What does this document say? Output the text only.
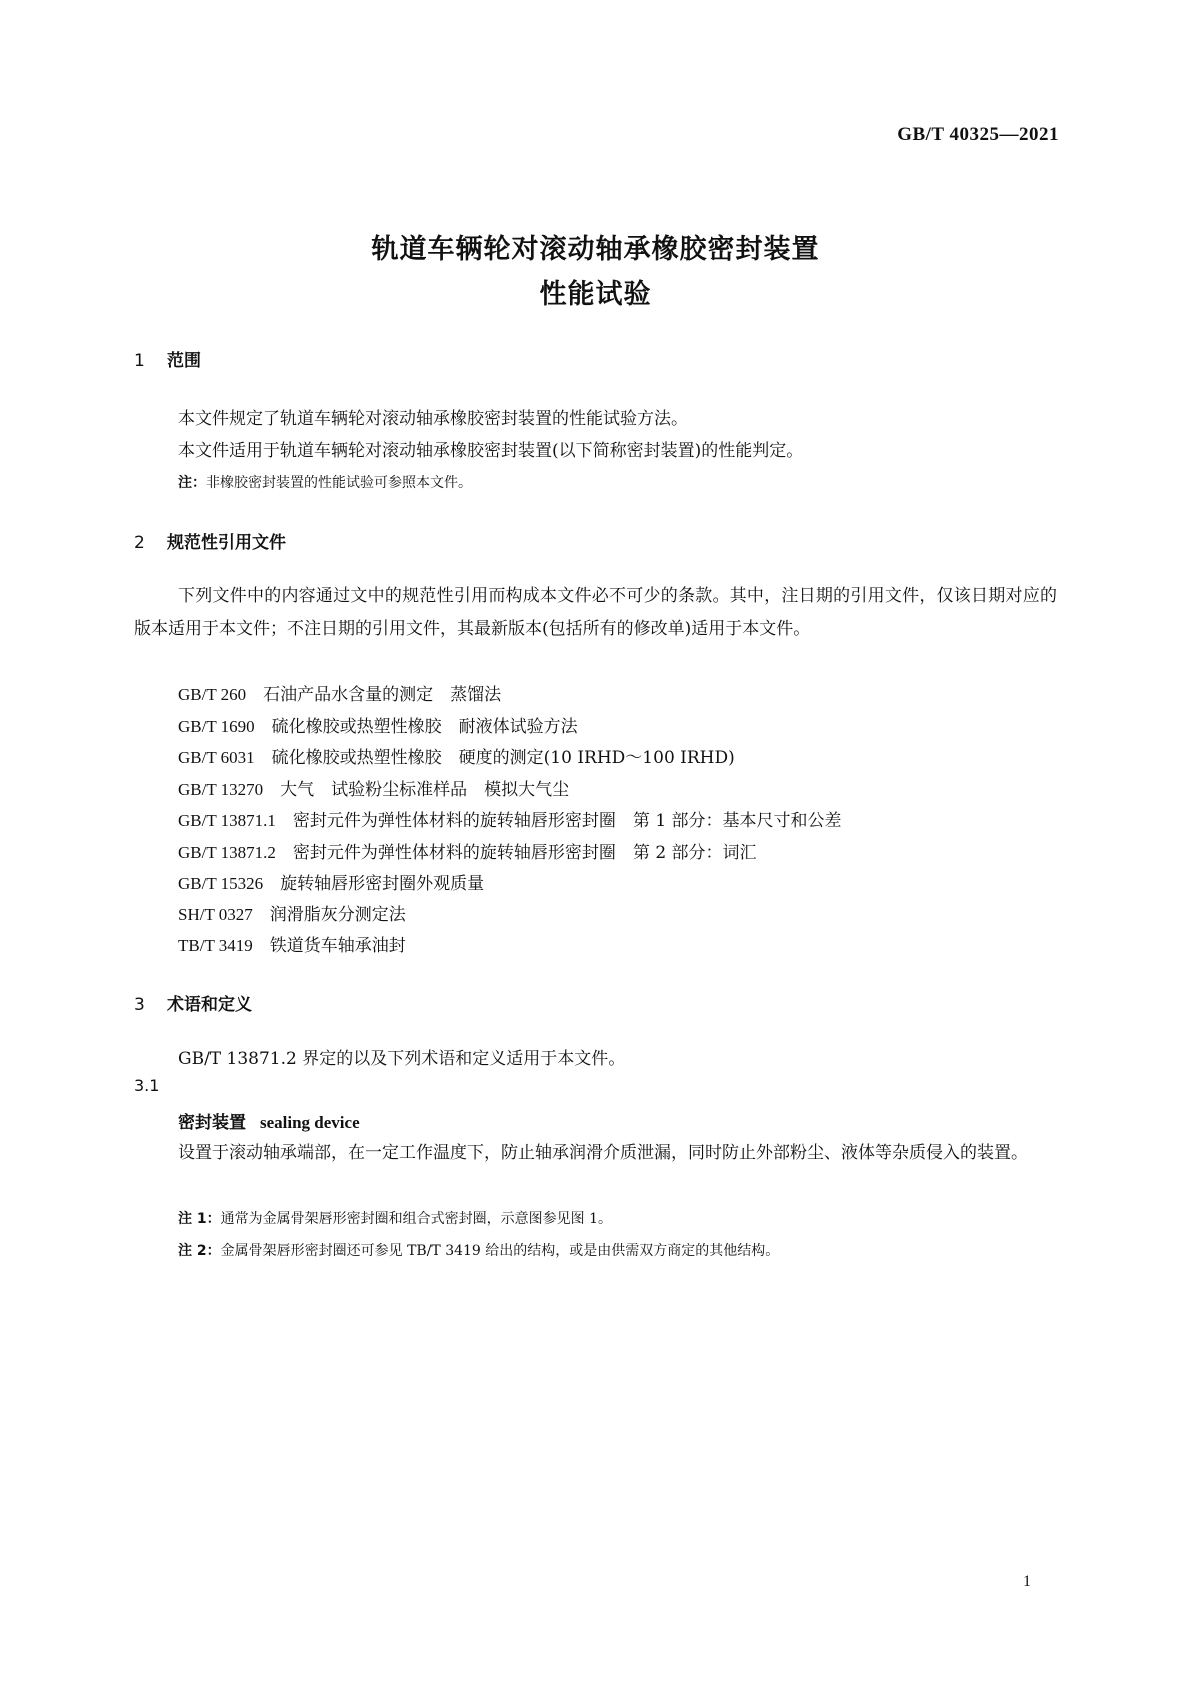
GB/T 40325—2021
轨道车辆轮对滚动轴承橡胶密封装置
性能试验
1 范围
本文件规定了轨道车辆轮对滚动轴承橡胶密封装置的性能试验方法。
本文件适用于轨道车辆轮对滚动轴承橡胶密封装置(以下简称密封装置)的性能判定。
注：非橡胶密封装置的性能试验可参照本文件。
2 规范性引用文件
下列文件中的内容通过文中的规范性引用而构成本文件必不可少的条款。其中，注日期的引用文件，仅该日期对应的版本适用于本文件；不注日期的引用文件，其最新版本(包括所有的修改单)适用于本文件。
GB/T 260　 石油产品水含量的测定　蒸馏法
GB/T 1690　 硫化橡胶或热塑性橡胶　耐液体试验方法
GB/T 6031　 硫化橡胶或热塑性橡胶　硬度的测定(10 IRHD～100 IRHD)
GB/T 13270　 大气　试验粉尘标准样品　模拟大气尘
GB/T 13871.1　 密封元件为弹性体材料的旋转轴唇形密封圈　第 1 部分：基本尺寸和公差
GB/T 13871.2　 密封元件为弹性体材料的旋转轴唇形密封圈　第 2 部分：词汇
GB/T 15326　 旋转轴唇形密封圈外观质量
SH/T 0327　 润滑脂灰分测定法
TB/T 3419　 铁道货车轴承油封
3 术语和定义
GB/T 13871.2 界定的以及下列术语和定义适用于本文件。
3.1
密封装置 sealing device
设置于滚动轴承端部，在一定工作温度下，防止轴承润滑介质泄漏，同时防止外部粉尘、液体等杂质侵入的装置。
注 1：通常为金属骨架唇形密封圈和组合式密封圈，示意图参见图 1。
注 2：金属骨架唇形密封圈还可参见 TB/T 3419 给出的结构，或是由供需双方商定的其他结构。
1
